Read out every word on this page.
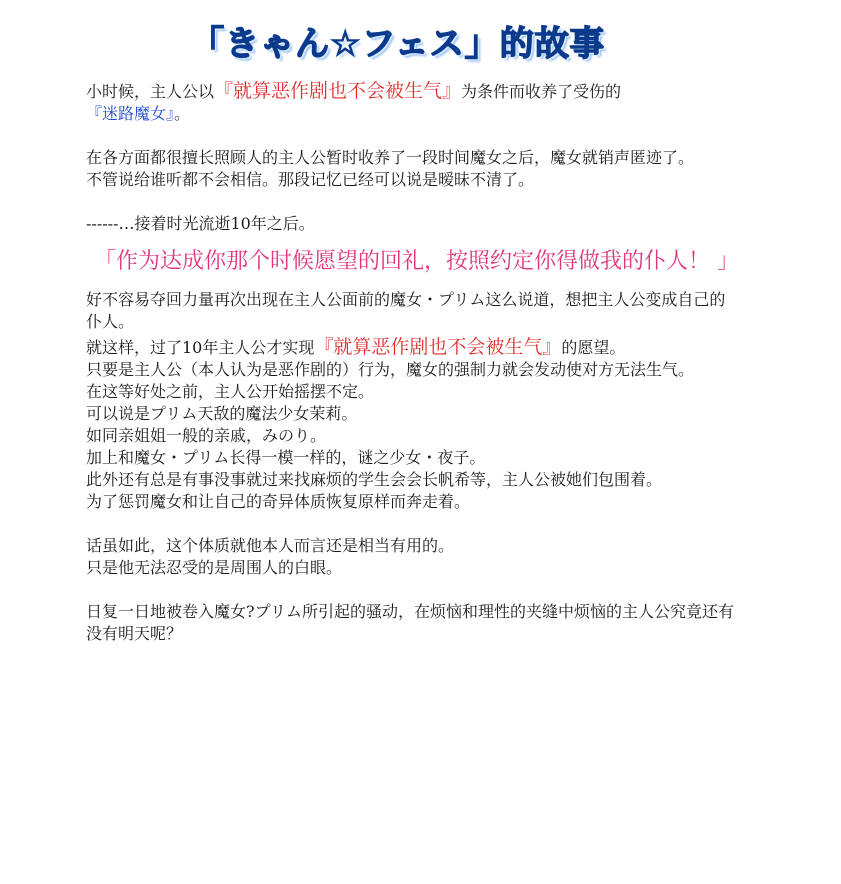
「きゃん☆フェス」的故事

小时候，主人公以『就算恶作剧也不会被生气』为条件而收养了受伤的
『迷路魔女』。

在各方面都很擅长照顾人的主人公暂时收养了一段时间魔女之后，魔女就销声匿迹了。

不管说给谁听都不会相信。那段记忆已经可以说是暧昧不清了。

‐‐‐‐‐‐…接着时光流逝10年之后。

「作为达成你那个时候愿望的回礼，按照约定你得做我的仆人！ 」

好不容易夺回力量再次出现在主人公面前的魔女・プリム这么说道，想把主人公变成自己的仆人。

就这样，过了10年主人公才实现『就算恶作剧也不会被生气』的愿望。

只要是主人公（本人认为是恶作剧的）行为，魔女的强制力就会发动使对方无法生气。

在这等好处之前，主人公开始摇摆不定。

可以说是プリム天敌的魔法少女茉莉。

如同亲姐姐一般的亲戚，みのり。

加上和魔女・プリム长得一模一样的，谜之少女・夜子。

此外还有总是有事没事就过来找麻烦的学生会会长帆希等，主人公被她们包围着。

为了惩罚魔女和让自己的奇异体质恢复原样而奔走着。

话虽如此，这个体质就他本人而言还是相当有用的。

只是他无法忍受的是周围人的白眼。

日复一日地被卷入魔女?プリム所引起的骚动，在烦恼和理性的夹缝中烦恼的主人公究竟还有没有明天呢？
